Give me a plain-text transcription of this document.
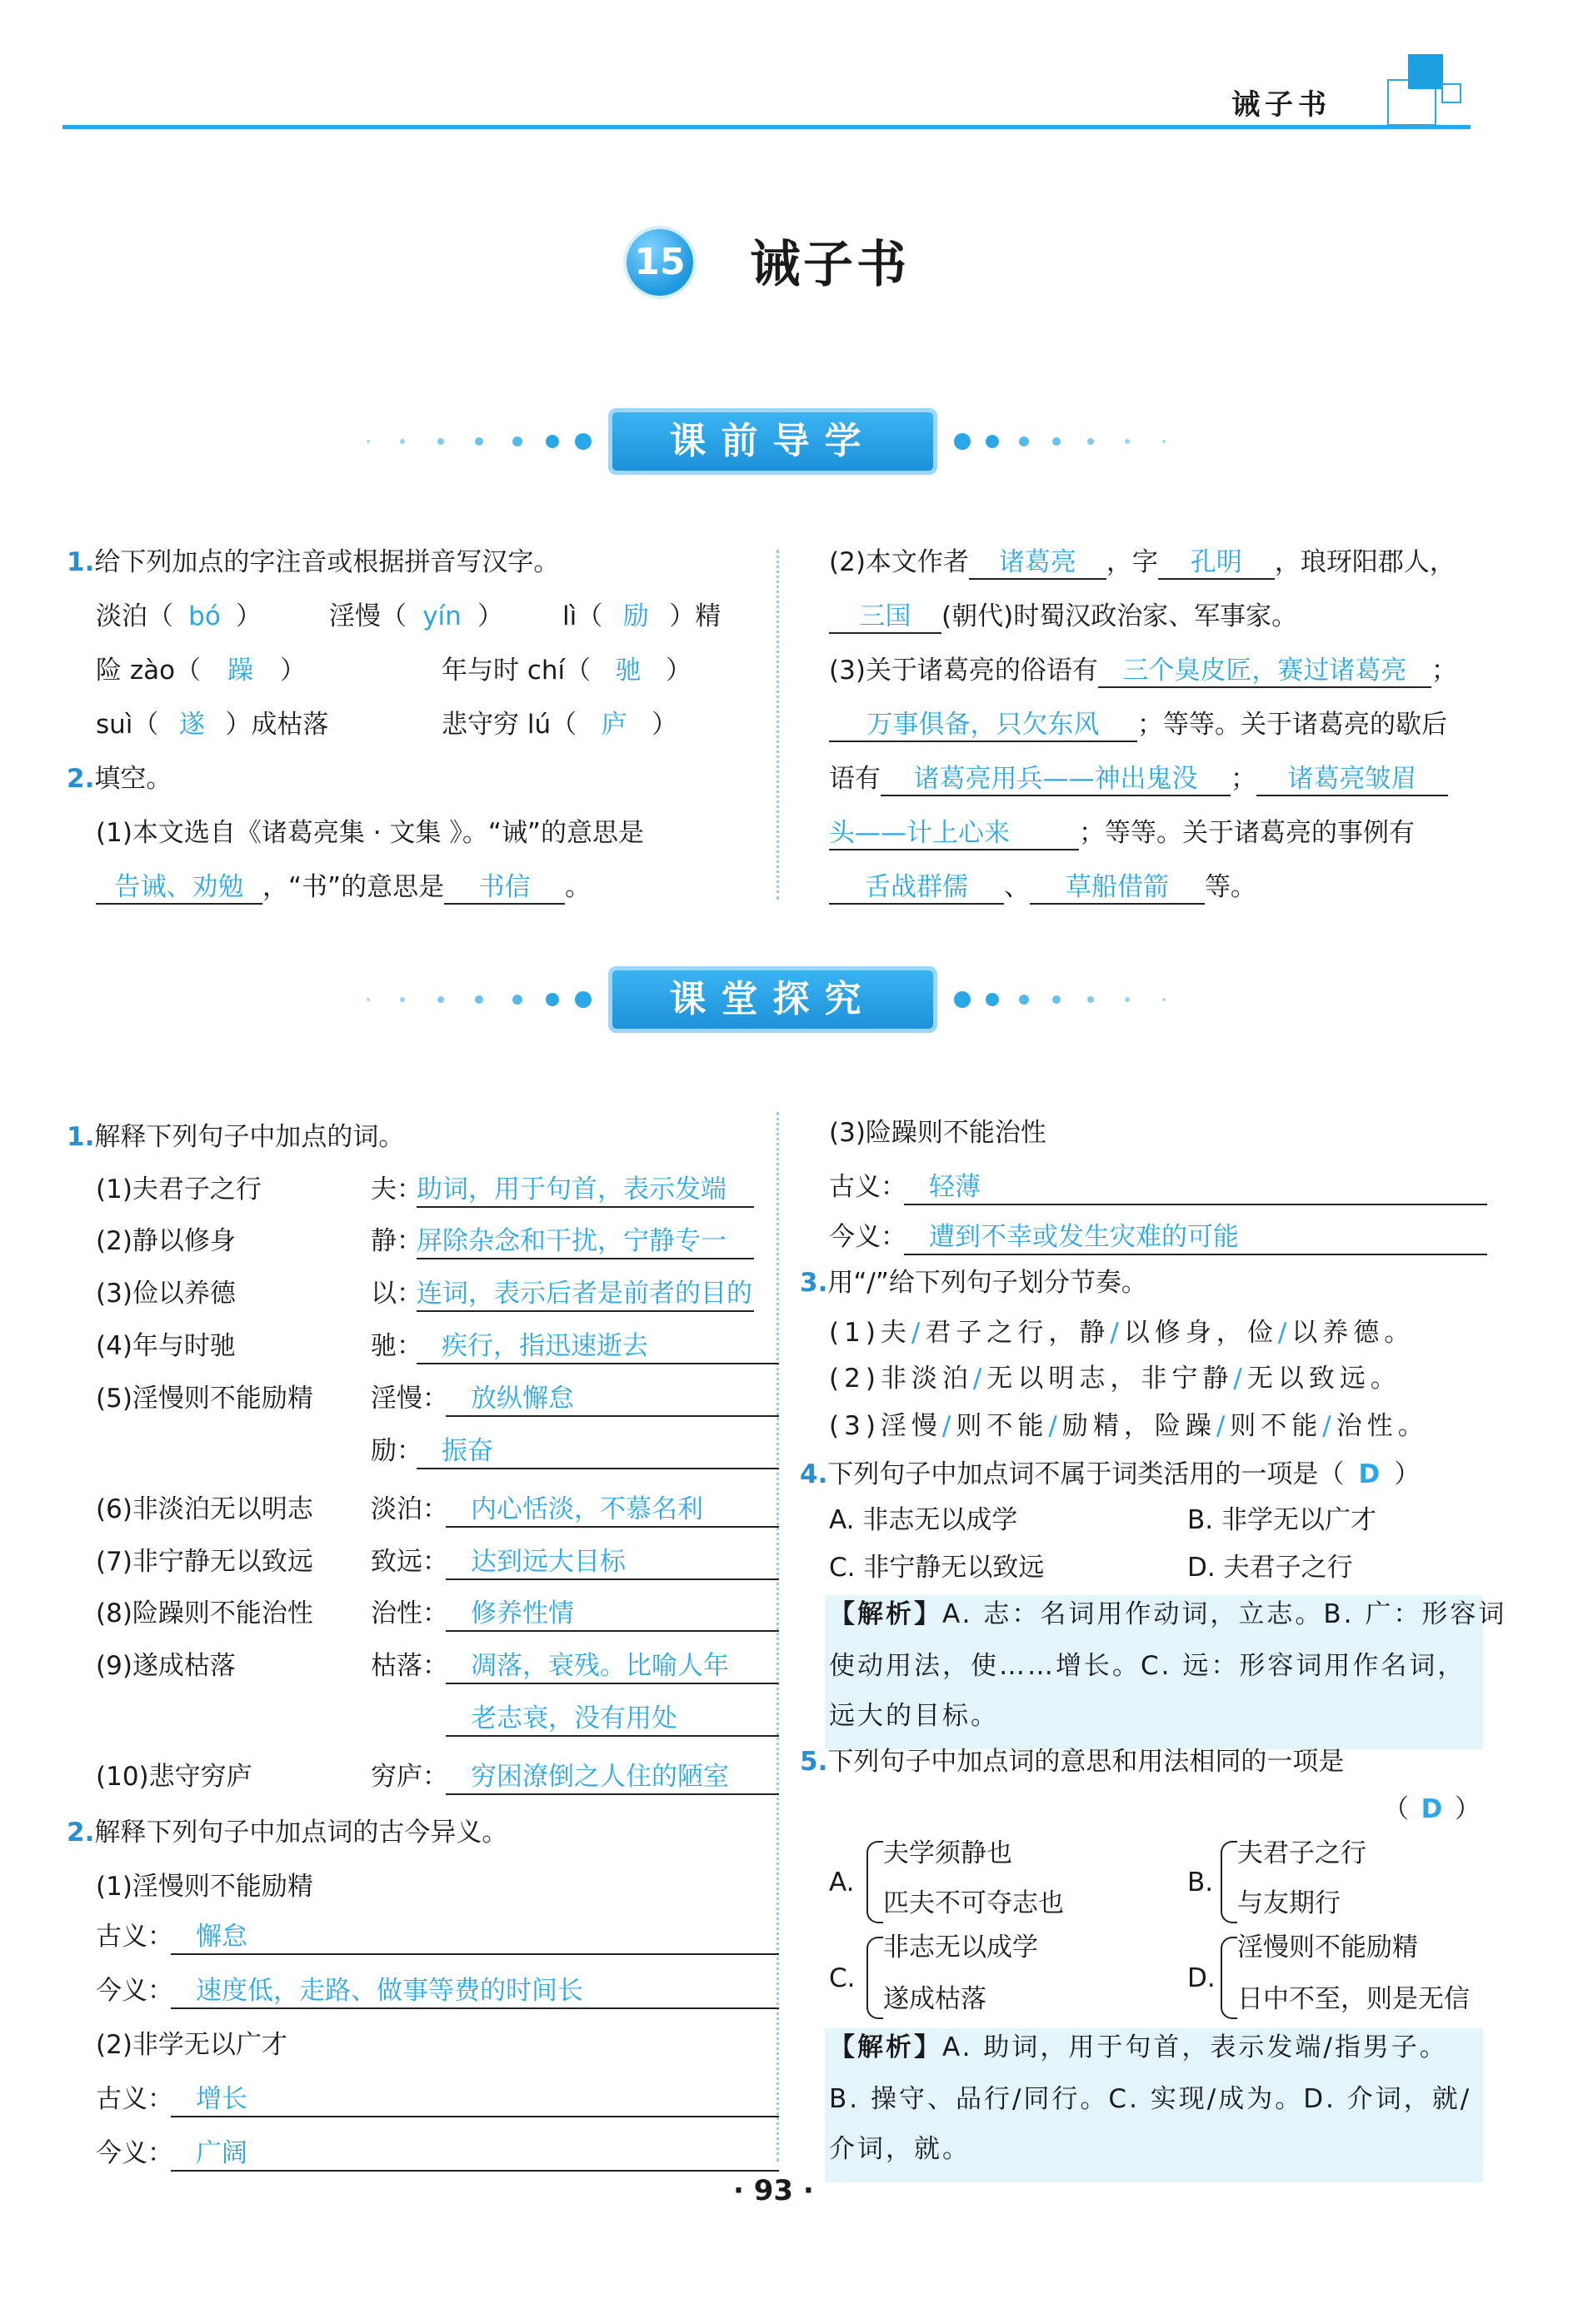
诫子书
15 诫子书
课前导学
1.给下列加点的字注音或根据拼音写汉字。
淡泊（ bó ）	淫慢（ yín ） lì（ 励 ）精
险 zào（ 躁 ）	年与时 chí（ 驰 ）
suì（ 遂 ）成枯落	悲守穷 lú（ 庐 ）
2.填空。
(1)本文选自《诸葛亮集 · 文集 》。“诫”的意思是
告诫、劝勉 ，“书”的意思是 书信 。
(2)本文作者 诸葛亮 ，字 孔明 ，琅玡阳郡人，
三国 (朝代)时蜀汉政治家、军事家。
(3)关于诸葛亮的俗语有 三个臭皮匠，赛过诸葛亮 ；
万事俱备，只欠东风 ；等等。关于诸葛亮的歇后
语有 诸葛亮用兵——神出鬼没 ； 诸葛亮皱眉
头——计上心来	；等等。关于诸葛亮的事例有
舌战群儒 、 草船借箭 等。
课堂探究
1.解释下列句子中加点的词。
(1)夫君子之行	夫：
助词，用于句首，表示发端
(2)静以修身	静：
屏除杂念和干扰，宁静专一
(3)俭以养德	以：
连词，表示后者是前者的目的
(4)年与时驰	驰： 疾行，指迅速逝去
(5)淫慢则不能励精 淫慢： 放纵懈怠
励： 振奋
(6)非淡泊无以明志 淡泊： 内心恬淡，不慕名利
(7)非宁静无以致远 致远： 达到远大目标
(8)险躁则不能治性 治性： 修养性情
(9)遂成枯落	枯落： 凋落，衰残。比喻人年
老志衰，没有用处
(10)悲守穷庐	穷庐： 穷困潦倒之人住的陋室
2.解释下列句子中加点词的古今异义。
(1)淫慢则不能励精
古义： 懈怠
今义： 速度低，走路、做事等费的时间长
(2)非学无以广才
古义： 增长
今义： 广阔
(3)险躁则不能治性
古义： 轻薄
今义： 遭到不幸或发生灾难的可能
3.用“/”给下列句子划分节奏。
(1)夫/君子之行，静/以修身，俭/以养德。
(2)非淡泊/无以明志，非宁静/无以致远。
(3)淫慢/则不能/励精，险躁/则不能/治性。
4.下列句子中加点词不属于词类活用的一项是（ D ）
A. 非志无以成学	B. 非学无以广才
C. 非宁静无以致远	D. 夫君子之行
【解析】A. 志：名词用作动词，立志。B. 广：形容词
使动用法，使……增长。C. 远：形容词用作名词，
远大的目标。
5.下列句子中加点词的意思和用法相同的一项是
（ D ）
A.
夫学须静也
匹夫不可夺志也
B.
夫君子之行
与友期行
C.
非志无以成学
遂成枯落
D.
淫慢则不能励精
日中不至，则是无信
【解析】A. 助词，用于句首，表示发端/指男子。
B. 操守、品行/同行。C. 实现/成为。D. 介词，就/
介词，就。
· 93 ·
